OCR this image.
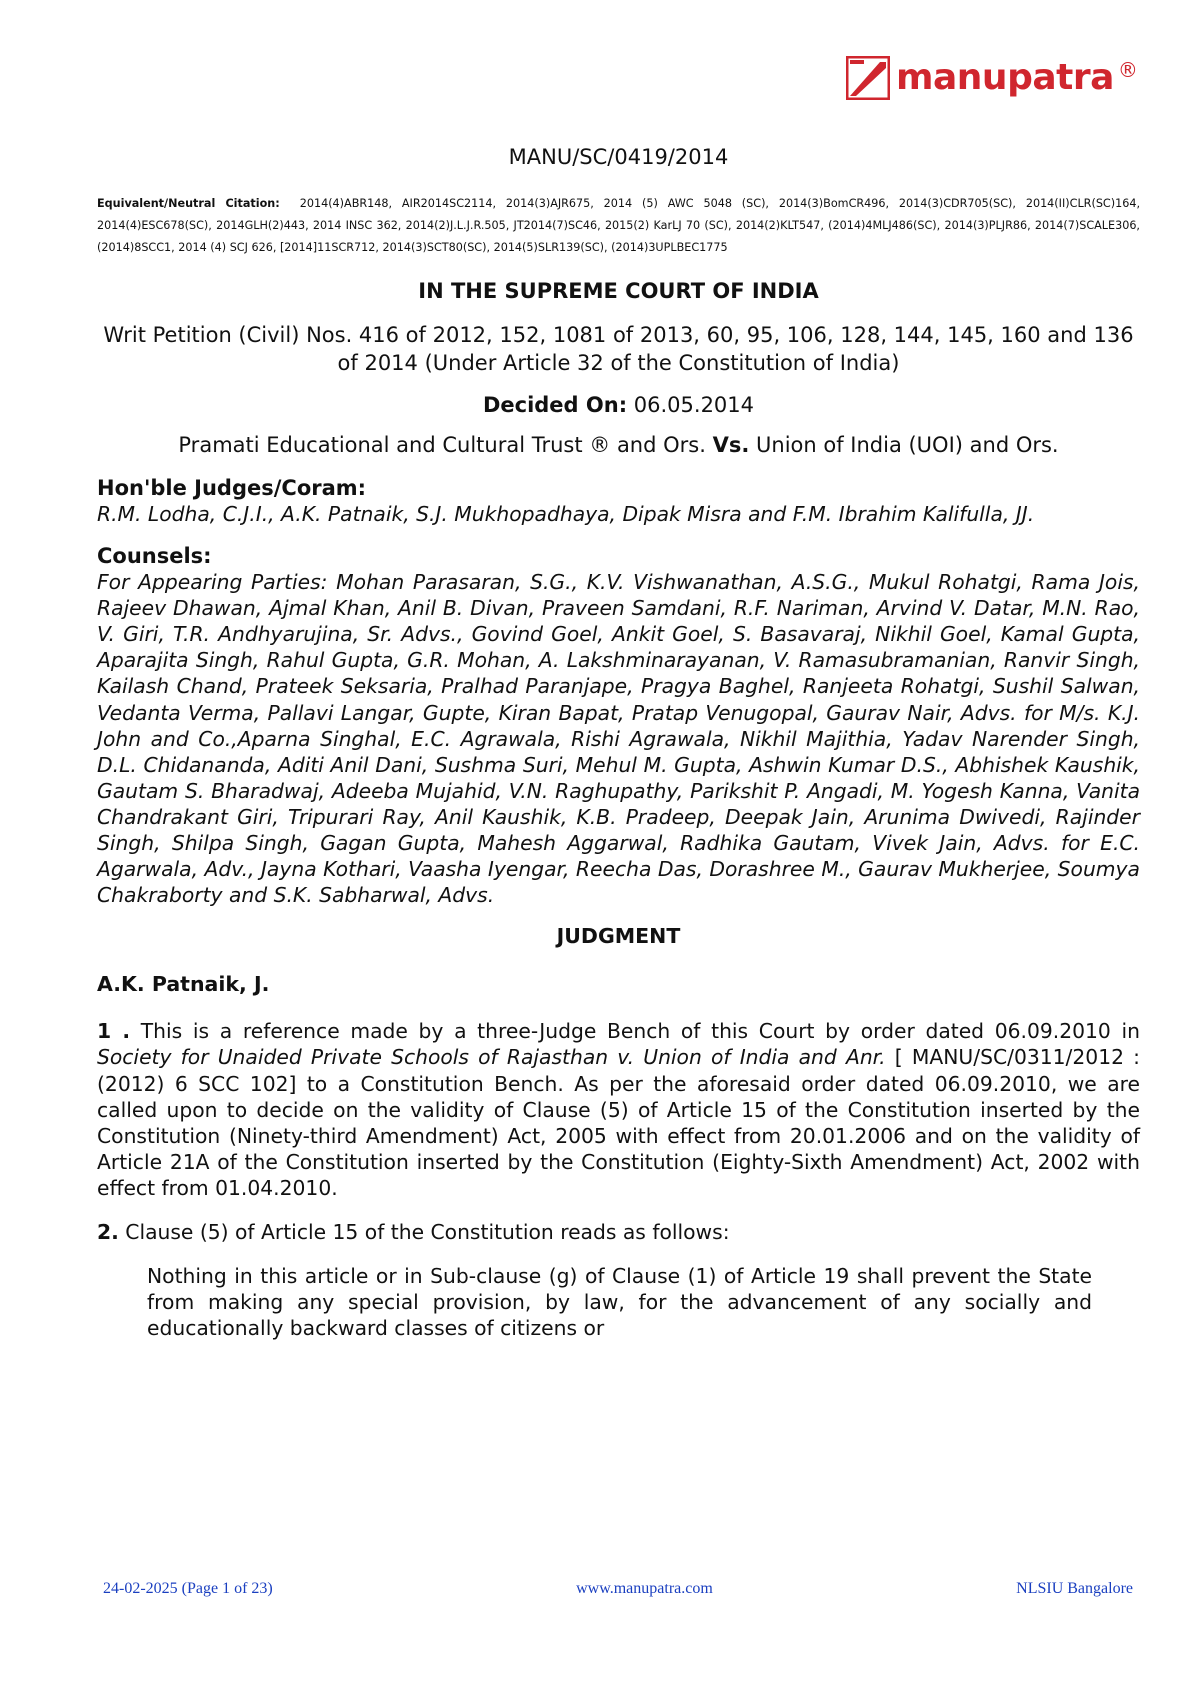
manupatra ®

MANU/SC/0419/2014

Equivalent/Neutral Citation: 2014(4)ABR148, AIR2014SC2114, 2014(3)AJR675, 2014 (5) AWC 5048 (SC), 2014(3)BomCR496, 2014(3)CDR705(SC), 2014(II)CLR(SC)164, 2014(4)ESC678(SC), 2014GLH(2)443, 2014 INSC 362, 2014(2)J.L.J.R.505, JT2014(7)SC46, 2015(2) KarLJ 70 (SC), 2014(2)KLT547, (2014)4MLJ486(SC), 2014(3)PLJR86, 2014(7)SCALE306, (2014)8SCC1, 2014 (4) SCJ 626, [2014]11SCR712, 2014(3)SCT80(SC), 2014(5)SLR139(SC), (2014)3UPLBEC1775

IN THE SUPREME COURT OF INDIA

Writ Petition (Civil) Nos. 416 of 2012, 152, 1081 of 2013, 60, 95, 106, 128, 144, 145, 160 and 136 of 2014 (Under Article 32 of the Constitution of India)

Decided On: 06.05.2014

Pramati Educational and Cultural Trust ® and Ors. Vs. Union of India (UOI) and Ors.

Hon'ble Judges/Coram:

R.M. Lodha, C.J.I., A.K. Patnaik, S.J. Mukhopadhaya, Dipak Misra and F.M. Ibrahim Kalifulla, JJ.

Counsels:

For Appearing Parties: Mohan Parasaran, S.G., K.V. Vishwanathan, A.S.G., Mukul Rohatgi, Rama Jois, Rajeev Dhawan, Ajmal Khan, Anil B. Divan, Praveen Samdani, R.F. Nariman, Arvind V. Datar, M.N. Rao, V. Giri, T.R. Andhyarujina, Sr. Advs., Govind Goel, Ankit Goel, S. Basavaraj, Nikhil Goel, Kamal Gupta, Aparajita Singh, Rahul Gupta, G.R. Mohan, A. Lakshminarayanan, V. Ramasubramanian, Ranvir Singh, Kailash Chand, Prateek Seksaria, Pralhad Paranjape, Pragya Baghel, Ranjeeta Rohatgi, Sushil Salwan, Vedanta Verma, Pallavi Langar, Gupte, Kiran Bapat, Pratap Venugopal, Gaurav Nair, Advs. for M/s. K.J. John and Co.,Aparna Singhal, E.C. Agrawala, Rishi Agrawala, Nikhil Majithia, Yadav Narender Singh, D.L. Chidananda, Aditi Anil Dani, Sushma Suri, Mehul M. Gupta, Ashwin Kumar D.S., Abhishek Kaushik, Gautam S. Bharadwaj, Adeeba Mujahid, V.N. Raghupathy, Parikshit P. Angadi, M. Yogesh Kanna, Vanita Chandrakant Giri, Tripurari Ray, Anil Kaushik, K.B. Pradeep, Deepak Jain, Arunima Dwivedi, Rajinder Singh, Shilpa Singh, Gagan Gupta, Mahesh Aggarwal, Radhika Gautam, Vivek Jain, Advs. for E.C. Agarwala, Adv., Jayna Kothari, Vaasha Iyengar, Reecha Das, Dorashree M., Gaurav Mukherjee, Soumya Chakraborty and S.K. Sabharwal, Advs.

JUDGMENT

A.K. Patnaik, J.

1 . This is a reference made by a three-Judge Bench of this Court by order dated 06.09.2010 in Society for Unaided Private Schools of Rajasthan v. Union of India and Anr. [ MANU/SC/0311/2012 : (2012) 6 SCC 102] to a Constitution Bench. As per the aforesaid order dated 06.09.2010, we are called upon to decide on the validity of Clause (5) of Article 15 of the Constitution inserted by the Constitution (Ninety-third Amendment) Act, 2005 with effect from 20.01.2006 and on the validity of Article 21A of the Constitution inserted by the Constitution (Eighty-Sixth Amendment) Act, 2002 with effect from 01.04.2010.

2. Clause (5) of Article 15 of the Constitution reads as follows:

Nothing in this article or in Sub-clause (g) of Clause (1) of Article 19 shall prevent the State from making any special provision, by law, for the advancement of any socially and educationally backward classes of citizens or

24-02-2025 (Page 1 of 23)	www.manupatra.com	NLSIU Bangalore
